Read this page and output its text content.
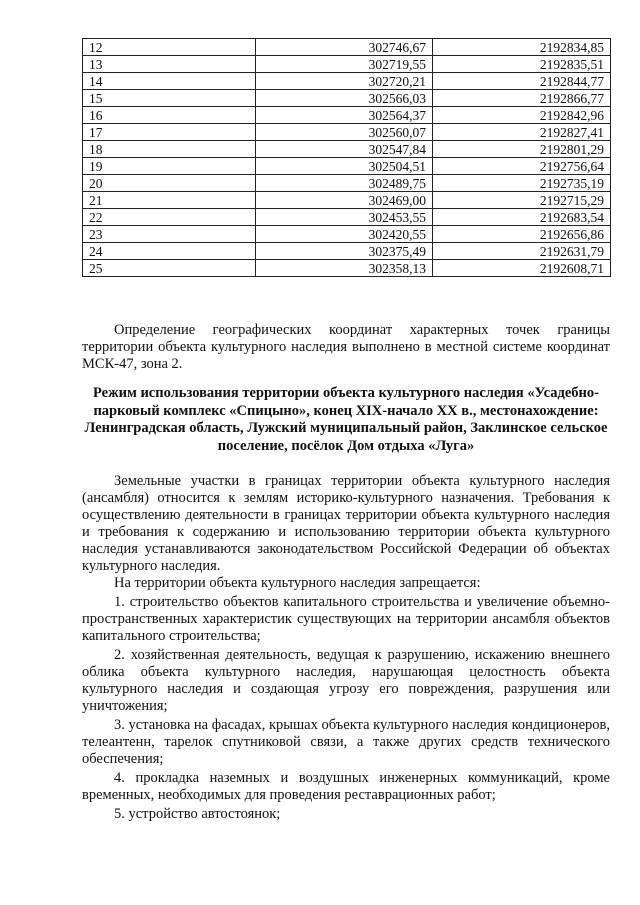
12	302746,67	2192834,85
13	302719,55	2192835,51
14	302720,21	2192844,77
15	302566,03	2192866,77
16	302564,37	2192842,96
17	302560,07	2192827,41
18	302547,84	2192801,29
19	302504,51	2192756,64
20	302489,75	2192735,19
21	302469,00	2192715,29
22	302453,55	2192683,54
23	302420,55	2192656,86
24	302375,49	2192631,79
25	302358,13	2192608,71

Определение географических координат характерных точек границы территории объекта культурного наследия выполнено в местной системе координат МСК-47, зона 2.

Режим использования территории объекта культурного наследия «Усадебно-парковый комплекс «Спицыно», конец XIX-начало XX в., местонахождение: Ленинградская область, Лужский муниципальный район, Заклинское сельское поселение, посёлок Дом отдыха «Луга»

Земельные участки в границах территории объекта культурного наследия (ансамбля) относится к землям историко-культурного назначения. Требования к осуществлению деятельности в границах территории объекта культурного наследия и требования к содержанию и использованию территории объекта культурного наследия устанавливаются законодательством Российской Федерации об объектах культурного наследия.

На территории объекта культурного наследия запрещается:

1. строительство объектов капитального строительства и увеличение объемно-пространственных характеристик существующих на территории ансамбля объектов капитального строительства;

2. хозяйственная деятельность, ведущая к разрушению, искажению внешнего облика объекта культурного наследия, нарушающая целостность объекта культурного наследия и создающая угрозу его повреждения, разрушения или уничтожения;

3. установка на фасадах, крышах объекта культурного наследия кондиционеров, телеантенн, тарелок спутниковой связи, а также других средств технического обеспечения;

4. прокладка наземных и воздушных инженерных коммуникаций, кроме временных, необходимых для проведения реставрационных работ;

5. устройство автостоянок;
